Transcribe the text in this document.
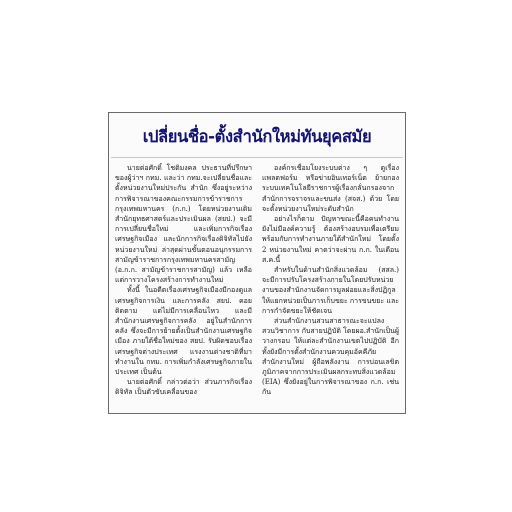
เปลี่ยนชื่อ-ตั้งสำนักใหม่ทันยุคสมัย

นายต่อศักดิ์ โชติมงคล ประธานที่ปรึกษาของผู้ว่าฯ กทม. และว่า กทม.จะเปลี่ยนชื่อและตั้งหน่วยงานใหม่ประกัน สำนัก ซึ่งอยู่ระหว่างการพิจารณาของคณะกรรมการข้าราชการกรุงเทพมหานคร (ก.ก.) โดยหน่วยงานเดิม สำนักยุทธศาสตร์และประเมินผล (สยป.) จะมีการเปลี่ยนชื่อใหม่ และเพิ่มการกิจเรื่องเศรษฐกิจเมือง และนักการกิจเรื่องดิจิทัลไปยังหน่วยงานใหม่ ล่าสุดผ่านขั้นตอนอนุกรรมการสามัญข้าราชการกรุงเทพมหานครสามัญ (อ.ก.ก. สามัญข้าราชการสามัญ) แล้ว เหลือแต่การวางโครงสร้างการทำงานใหม่

ทั้งนี้ ในอดีตเรื่องเศรษฐกิจเมืองมีกองดูแลเศรษฐกิจการเงิน และการคลัง สยป. คอยติดตาม แต่ไม่มีการเคลื่อนไหว และมีสำนักงานเศรษฐกิจการคลัง อยู่ในสำนักการคลัง ซึ่งจะมีการย้ายตั้งเป็นสำนักงานเศรษฐกิจเมือง ภายใต้ชื่อใหม่ของ สยป. รับผิดชอบเรื่องเศรษฐกิจต่างประเทศ แรงงานต่างชาติที่มาทำงานใน กทม. การเพิ่มกำลังเศรษฐกิจภายในประเทศ เป็นต้น

นายต่อศักดิ์ กล่าวต่อว่า ส่วนภารกิจเรื่องดิจิทัล เป็นตัวขับเคลื่อนของ

องค์กรเชื่อมโยงระบบต่าง ๆ ดูเรื่องแพลตฟอร์ม หรือข่ายอินเทอร์เน็ต ย้ายกองระบบเทคโนโลยีราชการผู้เรื่องกลั่นกรองจากสำนักการจราจรและขนส่ง (สจส.) ด้วย โดยจะตั้งหน่วยงานใหม่ระดับสำนัก

อย่างไรก็ตาม ปัญหาขณะนี้คือคนทำงานยังไม่มีองค์ความรู้ ต้องสร้างอบรมเพื่อเตรียมพร้อมกับการทำงานภายใต้สำนักใหม่ โดยตั้ง 2 หน่วยงานใหม่ คาดว่าจะผ่าน ก.ก. ในเดือน ส.ค.นี้

สำหรับในด้านสำนักสิ่งแวดล้อม (สสล.) จะมีการปรับโครงสร้างภายในโดยปรับหน่วยงานของสำนักงานจัดการมูลฝอยและสิ่งปฏิกูล ให้แยกหน่วยเป็นการเก็บขยะ การขนขยะ และการกำจัดขยะให้ชัดเจน

ส่วนสำนักงานสวนสาธารณะจะแปลง สวนวิชาการ กับสายปฏิบัติ โดยผอ.สำนักเป็นผู้วางกรอบ ให้แต่ละสำนักงานเขตไปปฏิบัติ อีกทั้งยังมีการตั้งสำนักงานควบคุมอัคคีภัยสำนักงานใหม่ ผู้ถือพลังงาน การบ่อนเลขิต ภูมิภาคจากการประเมินผลกระทบสิ่งแวดล้อม (EIA) ซึ่งยังอยู่ในการพิจารณาของ ก.ก. เช่นกัน
